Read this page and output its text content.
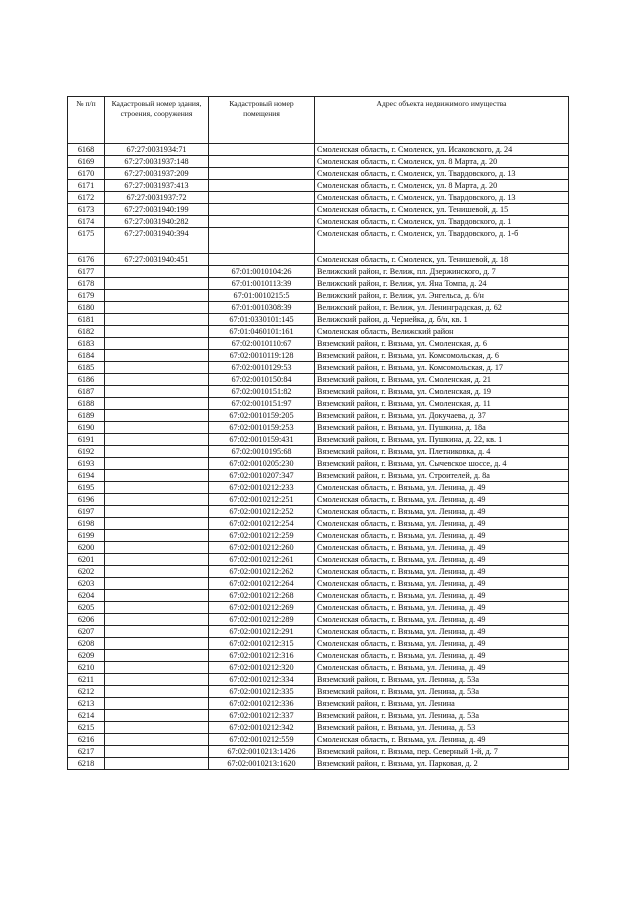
№ п/п	Кадастровый номер здания, строения, сооружения	Кадастровый номер помещения	Адрес объекта недвижимого имущества
6168	67:27:0031934:71		Смоленская область, г. Смоленск, ул. Исаковского, д. 24
6169	67:27:0031937:148		Смоленская область, г. Смоленск, ул. 8 Марта, д. 20
6170	67:27:0031937:209		Смоленская область, г. Смоленск, ул. Твардовского, д. 13
6171	67:27:0031937:413		Смоленская область, г. Смоленск, ул. 8 Марта, д. 20
6172	67:27:0031937:72		Смоленская область, г. Смоленск, ул. Твардовского, д. 13
6173	67:27:0031940:199		Смоленская область, г. Смоленск, ул. Тенишевой, д. 15
6174	67:27:0031940:282		Смоленская область, г. Смоленск, ул. Твардовского, д. 1
6175	67:27:0031940:394		Смоленская область, г. Смоленск, ул. Твардовского, д. 1-б
6176	67:27:0031940:451		Смоленская область, г. Смоленск, ул. Тенишевой, д. 18
6177		67:01:0010104:26	Велижский район, г. Велиж, пл. Дзержинского, д. 7
6178		67:01:0010113:39	Велижский район, г. Велиж, ул. Яна Томпа, д. 24
6179		67:01:0010215:5	Велижский район, г. Велиж, ул. Энгельса, д. 6/н
6180		67:01:0010308:39	Велижский район, г. Велиж, ул. Ленинградская, д. 62
6181		67:01:0330101:145	Велижский район, д. Чернейка, д. б/н, кв. 1
6182		67:01:0460101:161	Смоленская область, Велижский район
6183		67:02:0010110:67	Вяземский район, г. Вязьма, ул. Смоленская, д. 6
6184		67:02:0010119:128	Вяземский район, г. Вязьма, ул. Комсомольская, д. 6
6185		67:02:0010129:53	Вяземский район, г. Вязьма, ул. Комсомольская, д. 17
6186		67:02:0010150:84	Вяземский район, г. Вязьма, ул. Смоленская, д. 21
6187		67:02:0010151:82	Вяземский район, г. Вязьма, ул. Смоленская, д. 19
6188		67:02:0010151:97	Вяземский район, г. Вязьма, ул. Смоленская, д. 11
6189		67:02:0010159:205	Вяземский район, г. Вязьма, ул. Докучаева, д. 37
6190		67:02:0010159:253	Вяземский район, г. Вязьма, ул. Пушкина, д. 18а
6191		67:02:0010159:431	Вяземский район, г. Вязьма, ул. Пушкина, д. 22, кв. 1
6192		67:02:0010195:68	Вяземский район, г. Вязьма, ул. Плетниковка, д. 4
6193		67:02:0010205:230	Вяземский район, г. Вязьма, ул. Сычевское шоссе, д. 4
6194		67:02:0010207:347	Вяземский район, г. Вязьма, ул. Строителей, д. 8а
6195		67:02:0010212:233	Смоленская область, г. Вязьма, ул. Ленина, д. 49
6196		67:02:0010212:251	Смоленская область, г. Вязьма, ул. Ленина, д. 49
6197		67:02:0010212:252	Смоленская область, г. Вязьма, ул. Ленина, д. 49
6198		67:02:0010212:254	Смоленская область, г. Вязьма, ул. Ленина, д. 49
6199		67:02:0010212:259	Смоленская область, г. Вязьма, ул. Ленина, д. 49
6200		67:02:0010212:260	Смоленская область, г. Вязьма, ул. Ленина, д. 49
6201		67:02:0010212:261	Смоленская область, г. Вязьма, ул. Ленина, д. 49
6202		67:02:0010212:262	Смоленская область, г. Вязьма, ул. Ленина, д. 49
6203		67:02:0010212:264	Смоленская область, г. Вязьма, ул. Ленина, д. 49
6204		67:02:0010212:268	Смоленская область, г. Вязьма, ул. Ленина, д. 49
6205		67:02:0010212:269	Смоленская область, г. Вязьма, ул. Ленина, д. 49
6206		67:02:0010212:289	Смоленская область, г. Вязьма, ул. Ленина, д. 49
6207		67:02:0010212:291	Смоленская область, г. Вязьма, ул. Ленина, д. 49
6208		67:02:0010212:315	Смоленская область, г. Вязьма, ул. Ленина, д. 49
6209		67:02:0010212:316	Смоленская область, г. Вязьма, ул. Ленина, д. 49
6210		67:02:0010212:320	Смоленская область, г. Вязьма, ул. Ленина, д. 49
6211		67:02:0010212:334	Вяземский район, г. Вязьма, ул. Ленина, д. 53а
6212		67:02:0010212:335	Вяземский район, г. Вязьма, ул. Ленина, д. 53а
6213		67:02:0010212:336	Вяземский район, г. Вязьма, ул. Ленина
6214		67:02:0010212:337	Вяземский район, г. Вязьма, ул. Ленина, д. 53а
6215		67:02:0010212:342	Вяземский район, г. Вязьма, ул. Ленина, д. 53
6216		67:02:0010212:559	Смоленская область, г. Вязьма, ул. Ленина, д. 49
6217		67:02:0010213:1426	Вяземский район, г. Вязьма, пер. Северный 1-й, д. 7
6218		67:02:0010213:1620	Вяземский район, г. Вязьма, ул. Парковая, д. 2
